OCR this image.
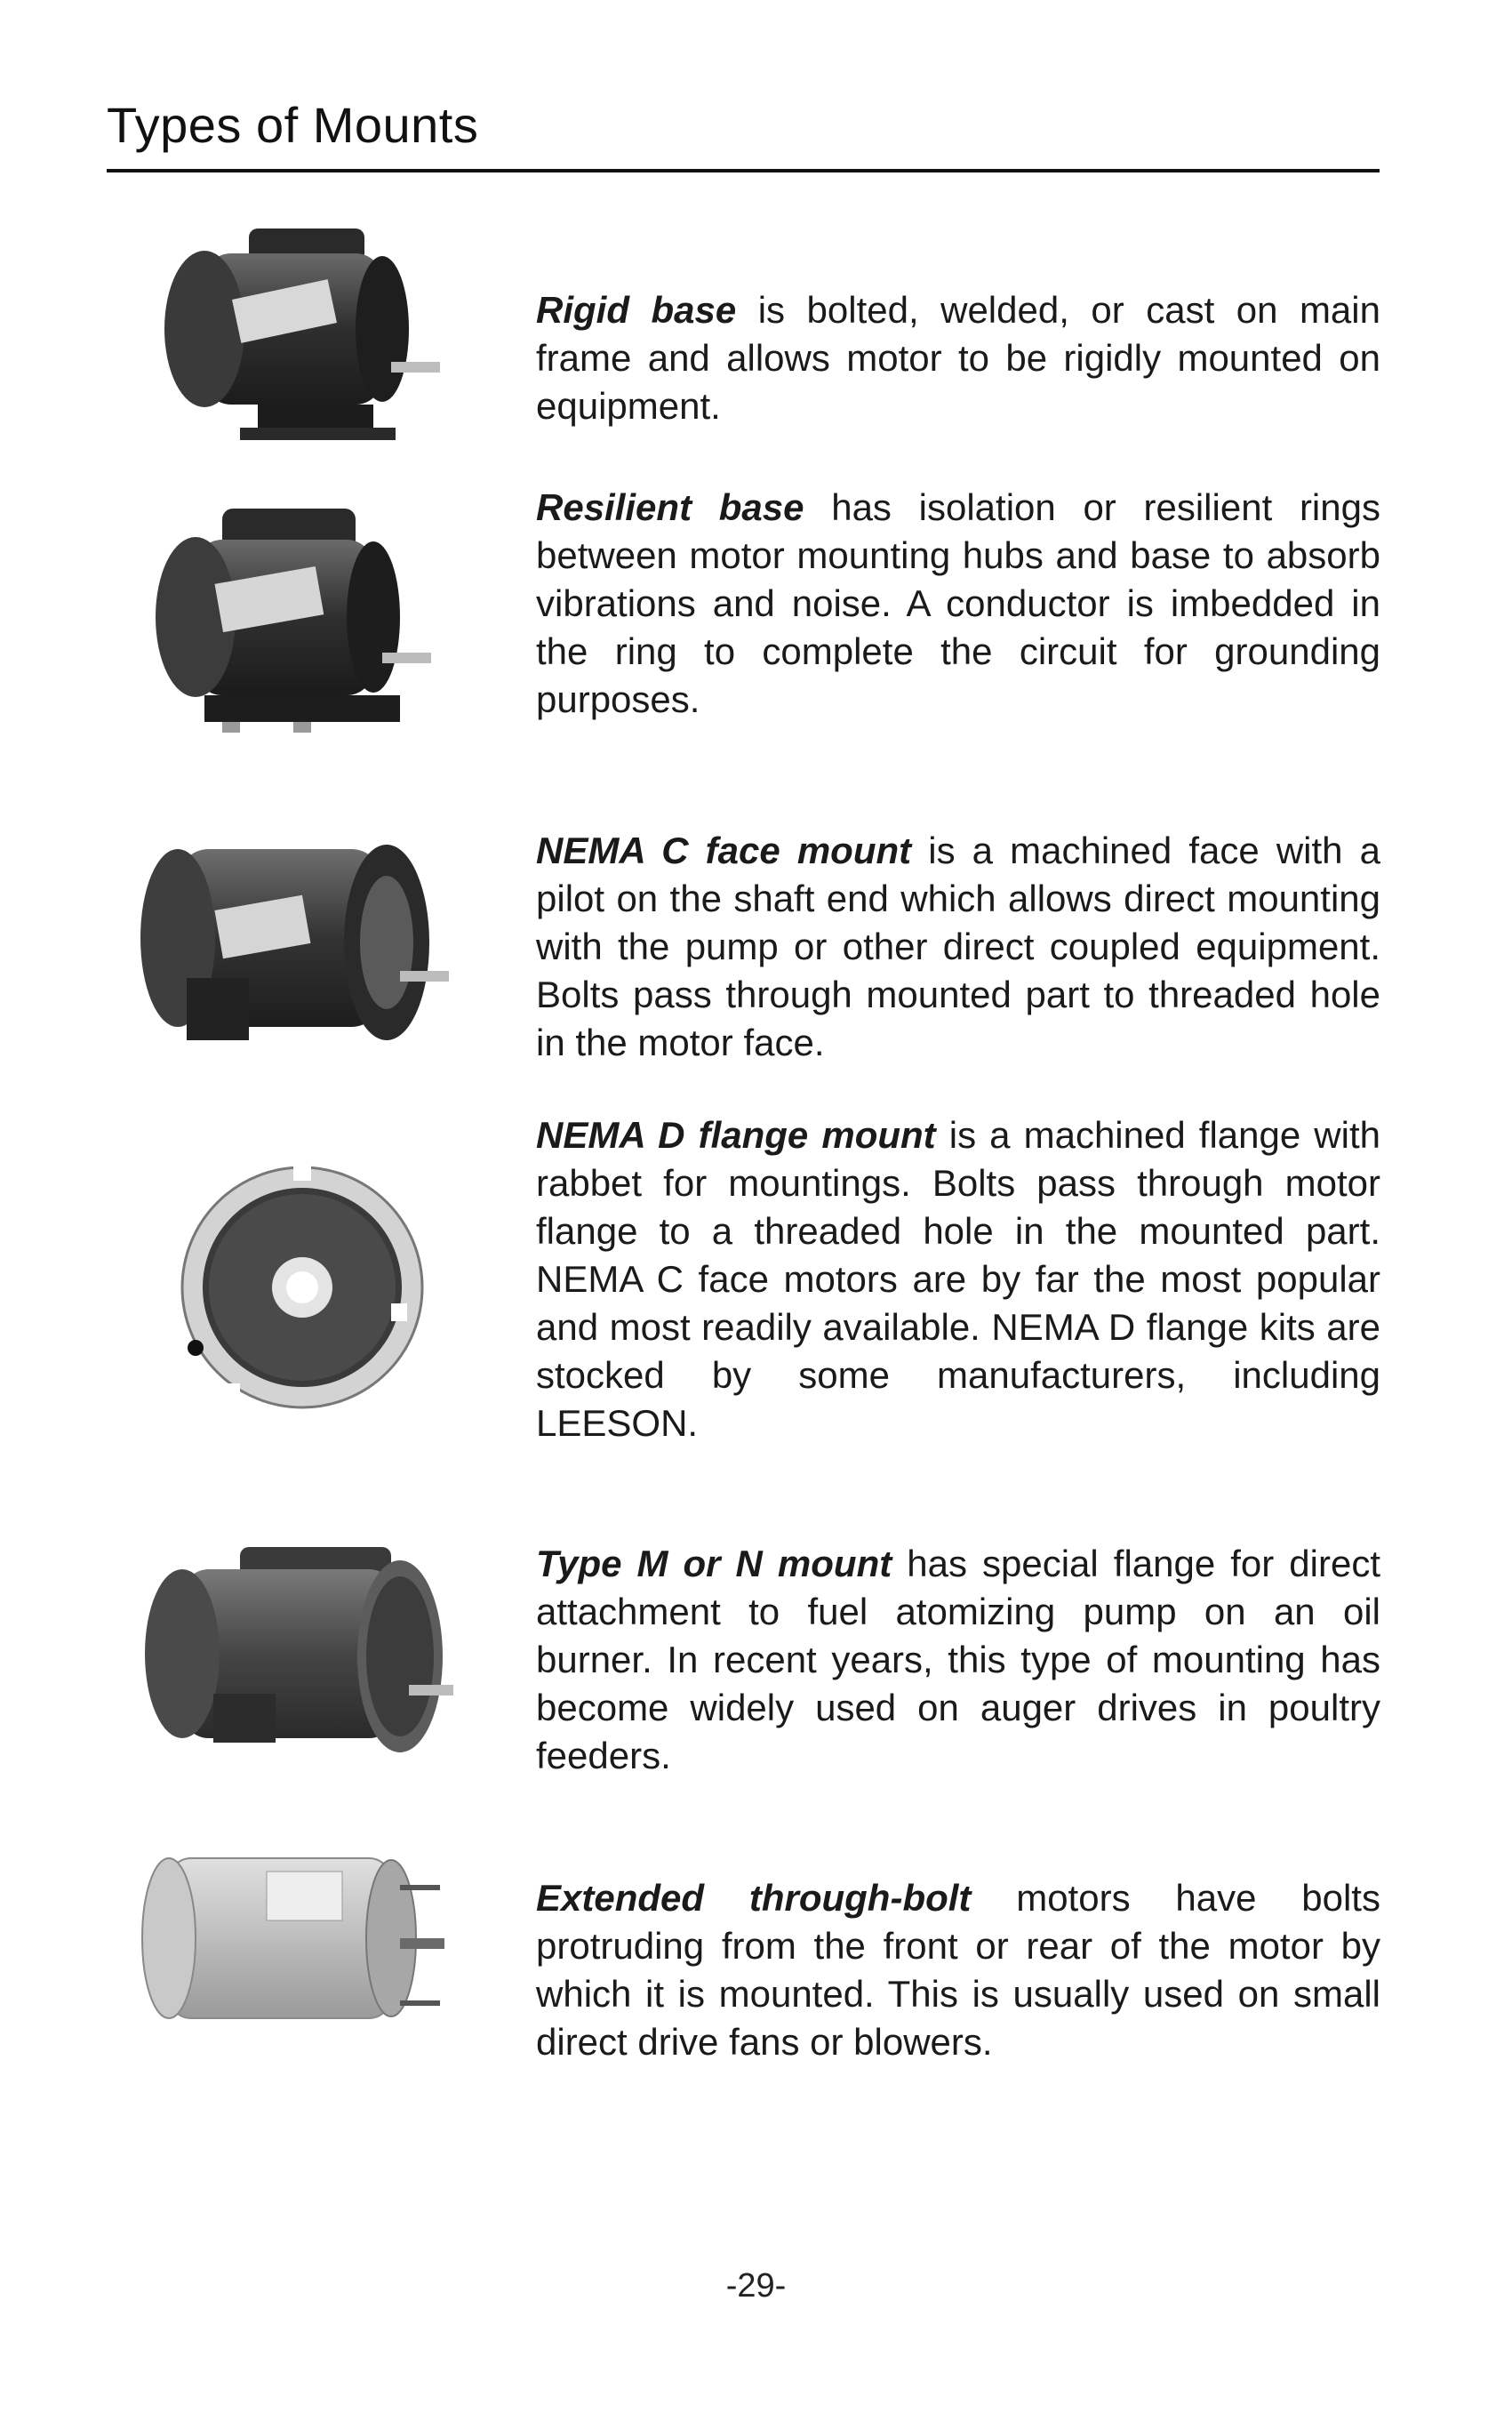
Types of Mounts
Rigid base is bolted, welded, or cast on main frame and allows motor to be rigidly mounted on equipment.
Resilient base has isolation or resilient rings between motor mounting hubs and base to absorb vibrations and noise. A conductor is imbedded in the ring to complete the circuit for grounding purposes.
NEMA C face mount is a machined face with a pilot on the shaft end which allows direct mounting with the pump or other direct coupled equipment. Bolts pass through mounted part to threaded hole in the motor face.
NEMA D flange mount is a machined flange with rabbet for mountings. Bolts pass through motor flange to a threaded hole in the mounted part. NEMA C face motors are by far the most popular and most readily available. NEMA D flange kits are stocked by some manufacturers, including LEESON.
Type M or N mount has special flange for direct attachment to fuel atomizing pump on an oil burner. In recent years, this type of mounting has become widely used on auger drives in poultry feeders.
Extended through-bolt motors have bolts protruding from the front or rear of the motor by which it is mounted. This is usually used on small direct drive fans or blowers.
-29-
